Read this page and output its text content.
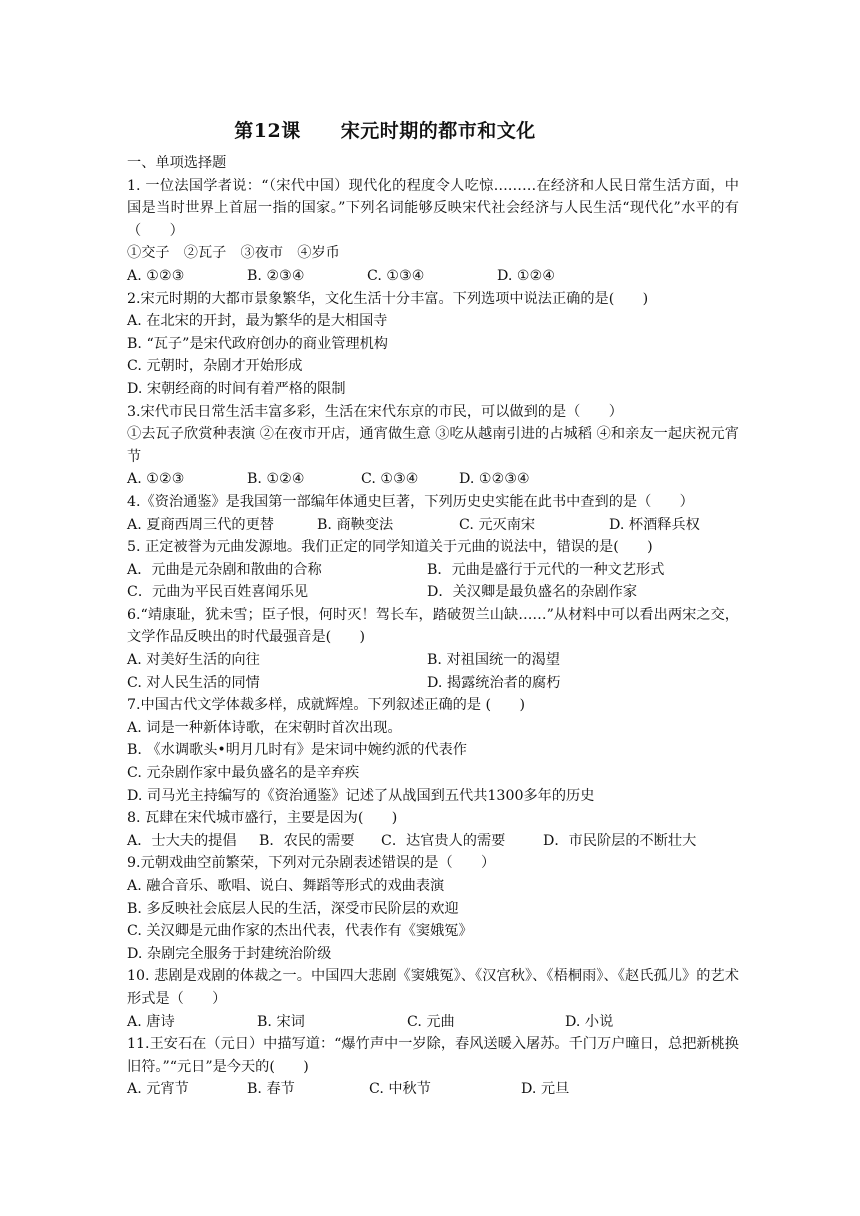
第12课 宋元时期的都市和文化
一、单项选择题
1. 一位法国学者说：“（宋代中国）现代化的程度令人吃惊………在经济和人民日常生活方面，中国是当时世界上首屈一指的国家。”下列名词能够反映宋代社会经济与人民生活“现代化”水平的有（　　）
①交子　②瓦子　③夜市　④岁币
A. ①②③	B. ②③④	C. ①③④	D. ①②④
2.宋元时期的大都市景象繁华，文化生活十分丰富。下列选项中说法正确的是(　　)
A. 在北宋的开封，最为繁华的是大相国寺
B. “瓦子”是宋代政府创办的商业管理机构
C. 元朝时，杂剧才开始形成
D. 宋朝经商的时间有着严格的限制
3.宋代市民日常生活丰富多彩，生活在宋代东京的市民，可以做到的是（　　）
①去瓦子欣赏种表演 ②在夜市开店，通宵做生意 ③吃从越南引进的占城稻 ④和亲友一起庆祝元宵节
A. ①②③	B. ①②④	C. ①③④	D. ①②③④
4.《资治通鉴》是我国第一部编年体通史巨著，下列历史史实能在此书中查到的是（　　）
A. 夏商西周三代的更替	B. 商鞅变法	C. 元灭南宋	D. 杯酒释兵权
5. 正定被誉为元曲发源地。我们正定的同学知道关于元曲的说法中，错误的是(　　)
A．元曲是元杂剧和散曲的合称	B．元曲是盛行于元代的一种文艺形式
C．元曲为平民百姓喜闻乐见	D．关汉卿是最负盛名的杂剧作家
6.“靖康耻，犹未雪；臣子恨，何时灭！驾长车，踏破贺兰山缺……”从材料中可以看出两宋之交，文学作品反映出的时代最强音是(　　)
A. 对美好生活的向往	B. 对祖国统一的渴望
C. 对人民生活的同情	D. 揭露统治者的腐朽
7.中国古代文学体裁多样，成就辉煌。下列叙述正确的是 (　　)
A. 词是一种新体诗歌，在宋朝时首次出现。
B. 《水调歌头•明月几时有》是宋词中婉约派的代表作
C. 元杂剧作家中最负盛名的是辛弃疾
D. 司马光主持编写的《资治通鉴》记述了从战国到五代共1300多年的历史
8. 瓦肆在宋代城市盛行，主要是因为(　　)
A．士大夫的提倡	B．农民的需要	C．达官贵人的需要	D．市民阶层的不断壮大
9.元朝戏曲空前繁荣，下列对元杂剧表述错误的是（　　）
A. 融合音乐、歌唱、说白、舞蹈等形式的戏曲表演
B. 多反映社会底层人民的生活，深受市民阶层的欢迎
C. 关汉卿是元曲作家的杰出代表，代表作有《窦娥冤》
D. 杂剧完全服务于封建统治阶级
10. 悲剧是戏剧的体裁之一。中国四大悲剧《窦娥冤》、《汉宫秋》、《梧桐雨》、《赵氏孤儿》的艺术形式是（　　）
A. 唐诗	B. 宋词	C. 元曲	D. 小说
11.王安石在（元日）中描写道：“爆竹声中一岁除，春风送暖入屠苏。千门万户曈日，总把新桃换旧符。”“元日”是今天的(　　)
A. 元宵节	B. 春节	C. 中秋节	D. 元旦
